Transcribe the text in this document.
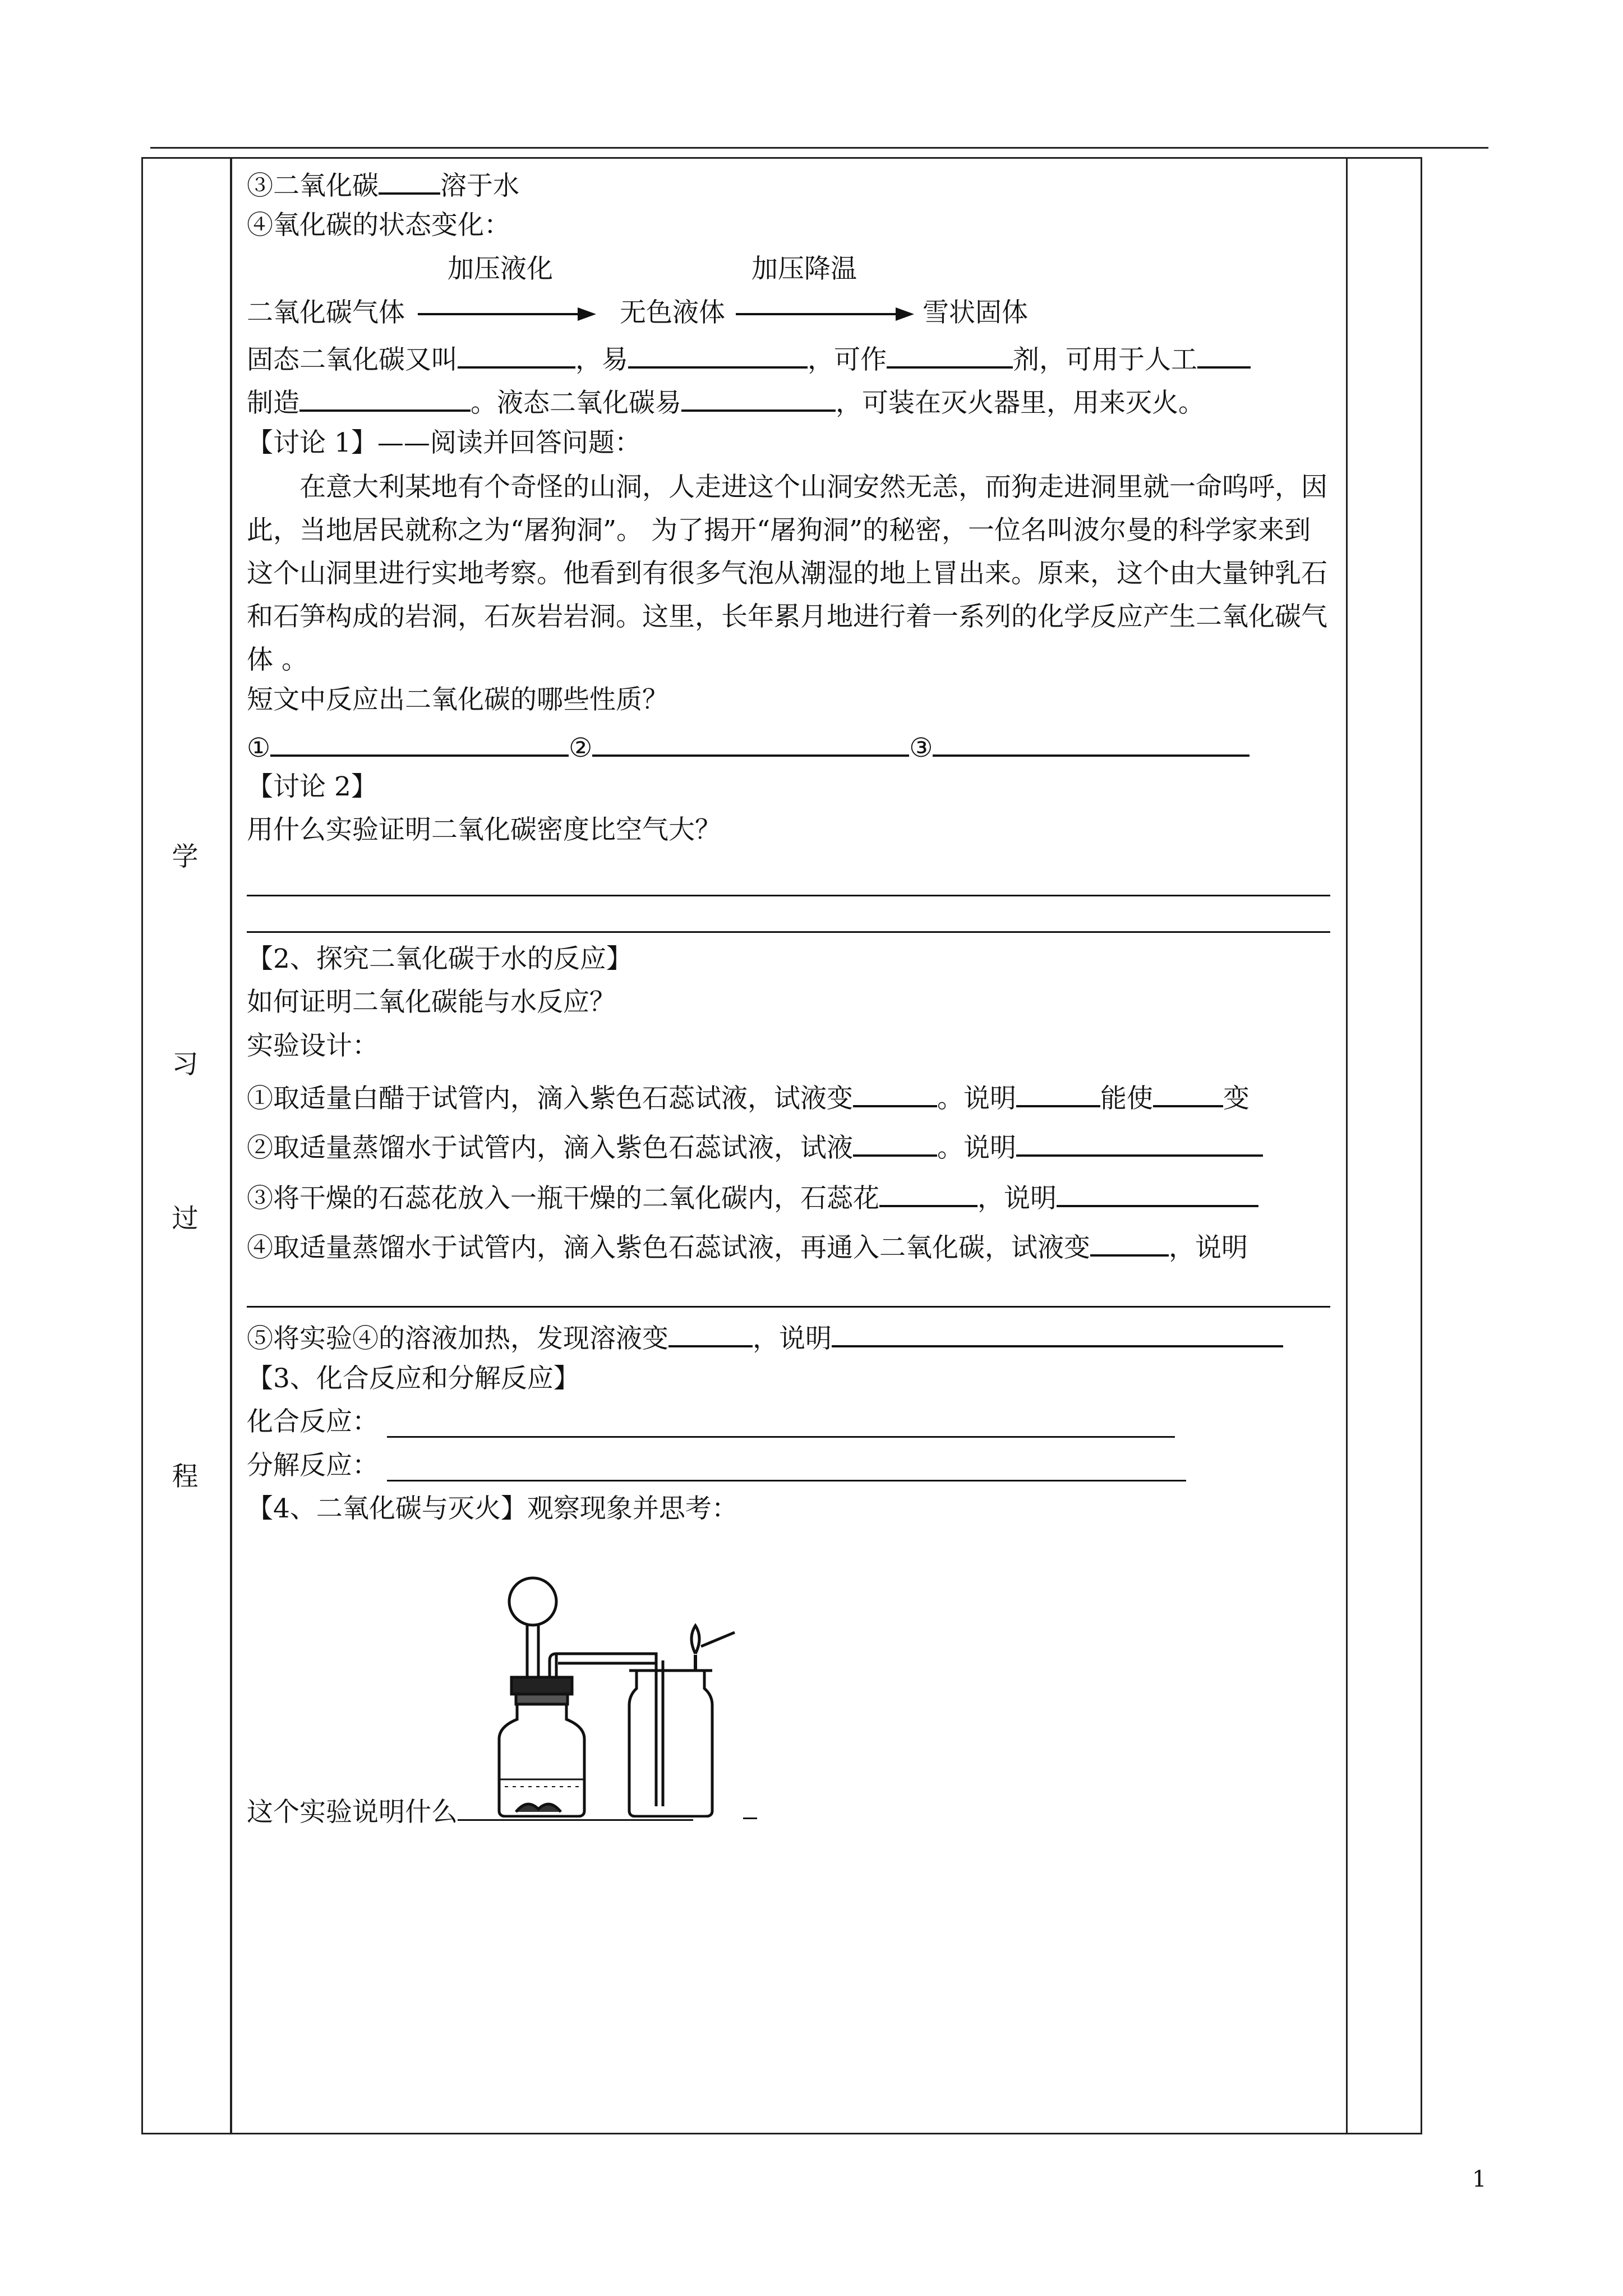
学
习
过
程
③二氧化碳 溶于水
④氧化碳的状态变化：
加压液化	加压降温
二氧化碳气体	无色液体	雪状固体
固态二氧化碳又叫	，易	，可作	剂，可用于人工
制造	。液态二氧化碳易	，可装在灭火器里，用来灭火。
【讨论 1】——阅读并回答问题：
在意大利某地有个奇怪的山洞，人走进这个山洞安然无恙，而狗走进洞里就一命呜呼，因此，当地居民就称之为“屠狗洞”。 为了揭开“屠狗洞”的秘密，一位名叫波尔曼的科学家来到这个山洞里进行实地考察。他看到有很多气泡从潮湿的地上冒出来。原来，这个由大量钟乳石和石笋构成的岩洞，石灰岩岩洞。这里，长年累月地进行着一系列的化学反应产生二氧化碳气体 。
短文中反应出二氧化碳的哪些性质？
①	②	③
【讨论 2】
用什么实验证明二氧化碳密度比空气大？
【2、探究二氧化碳于水的反应】
如何证明二氧化碳能与水反应？
实验设计：
①取适量白醋于试管内，滴入紫色石蕊试液，试液变	。说明	能使	变
②取适量蒸馏水于试管内，滴入紫色石蕊试液，试液	。说明
③将干燥的石蕊花放入一瓶干燥的二氧化碳内，石蕊花	，说明
④取适量蒸馏水于试管内，滴入紫色石蕊试液，再通入二氧化碳，试液变	，说明
⑤将实验④的溶液加热，发现溶液变	，说明
【3、化合反应和分解反应】
化合反应：
分解反应：
【4、二氧化碳与灭火】观察现象并思考：
这个实验说明什么
1
